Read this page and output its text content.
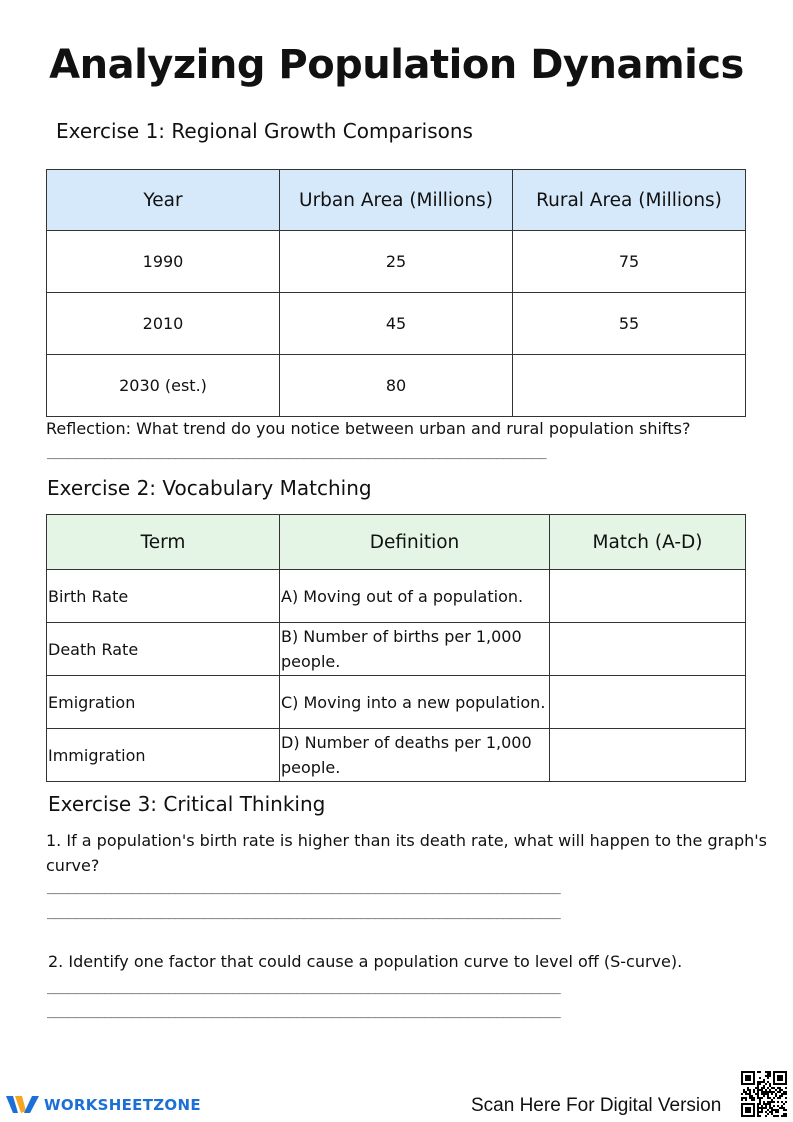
Analyzing Population Dynamics
Exercise 1: Regional Growth Comparisons
Year	Urban Area (Millions)	Rural Area (Millions)
1990	25	75
2010	45	55
2030 (est.)	80	
Reflection: What trend do you notice between urban and rural population shifts?
______________________________________________________________________
Exercise 2: Vocabulary Matching
Term	Definition	Match (A-D)
Birth Rate	A) Moving out of a population.	
Death Rate	B) Number of births per 1,000 people.	
Emigration	C) Moving into a new population.	
Immigration	D) Number of deaths per 1,000 people.	
Exercise 3: Critical Thinking
1. If a population's birth rate is higher than its death rate, what will happen to the graph's curve?
________________________________________________________________________
________________________________________________________________________
2. Identify one factor that could cause a population curve to level off (S-curve).
________________________________________________________________________
________________________________________________________________________
WORKSHEETZONE	Scan Here For Digital Version
